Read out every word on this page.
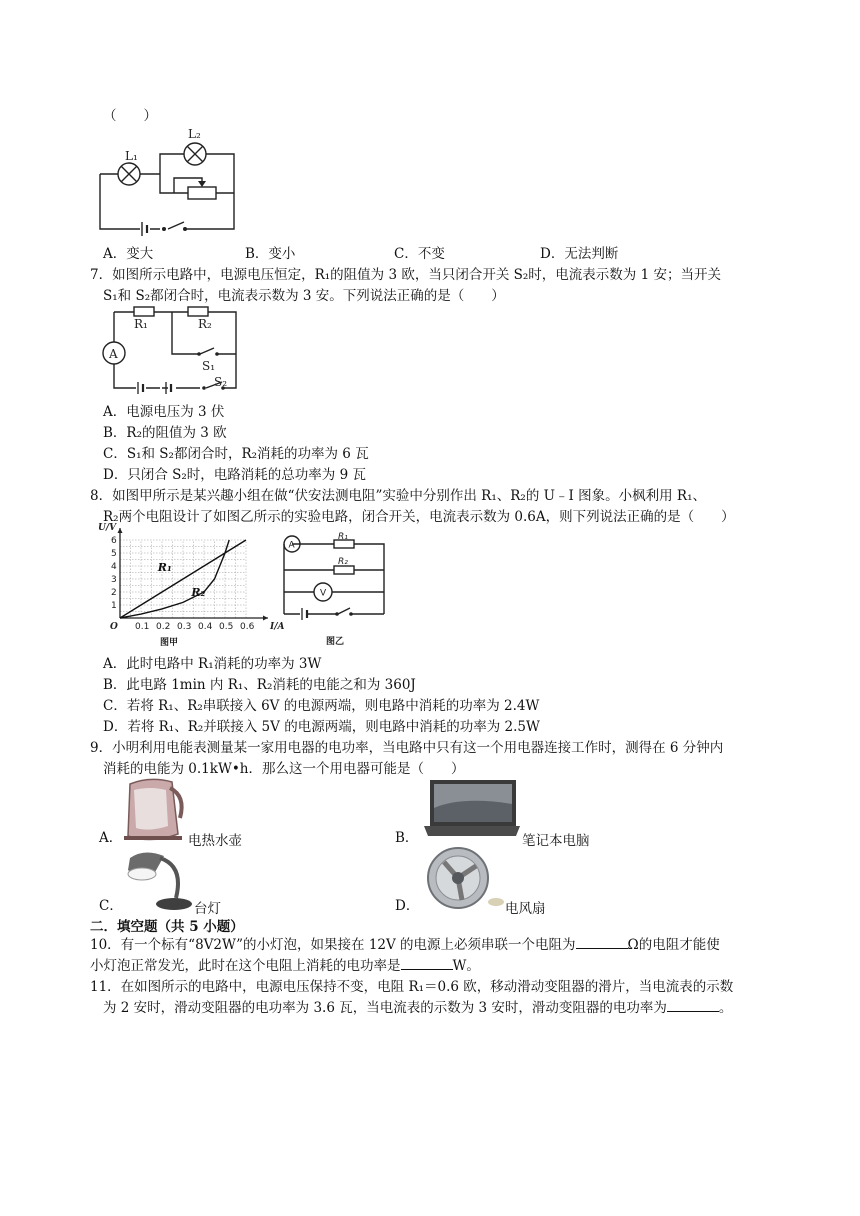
（　　）
L₁
L₂
A．变大	B．变小	C．不变	D．无法判断
7．如图所示电路中，电源电压恒定，R₁的阻值为 3 欧，当只闭合开关 S₂时，电流表示数为 1 安；当开关
S₁和 S₂都闭合时，电流表示数为 3 安。下列说法正确的是（　　）
A
R₁	R₂
S₁
S₂
A．电源电压为 3 伏
B．R₂的阻值为 3 欧
C．S₁和 S₂都闭合时，R₂消耗的功率为 6 瓦
D．只闭合 S₂时，电路消耗的总功率为 9 瓦
8．如图甲所示是某兴趣小组在做“伏安法测电阻”实验中分别作出 R₁、R₂的 U﹣I 图象。小枫利用 R₁、
R₂两个电阻设计了如图乙所示的实验电路，闭合开关，电流表示数为 0.6A，则下列说法正确的是（　　）
0.1 0.2 0.3 0.4 0.5 0.6
1
2
3
4
5
6
O	I/A
U/V
R₁
R₂
图甲
A
V
R₁
R₂
图乙
A．此时电路中 R₁消耗的功率为 3W
B．此电路 1min 内 R₁、R₂消耗的电能之和为 360J
C．若将 R₁、R₂串联接入 6V 的电源两端，则电路中消耗的功率为 2.4W
D．若将 R₁、R₂并联接入 5V 的电源两端，则电路中消耗的功率为 2.5W
9．小明利用电能表测量某一家用电器的电功率，当电路中只有这一个用电器连接工作时，测得在 6 分钟内
消耗的电能为 0.1kW•h．那么这一个用电器可能是（　　）
A．	电热水壶	B．	笔记本电脑
C．	台灯	D．	电风扇
二．填空题（共 5 小题）
10．有一个标有“8V2W”的小灯泡，如果接在 12V 的电源上必须串联一个电阻为	Ω的电阻才能使
小灯泡正常发光，此时在这个电阻上消耗的电功率是	W。
11．在如图所示的电路中，电源电压保持不变，电阻 R₁＝0.6 欧，移动滑动变阻器的滑片，当电流表的示数
为 2 安时，滑动变阻器的电功率为 3.6 瓦，当电流表的示数为 3 安时，滑动变阻器的电功率为	。
